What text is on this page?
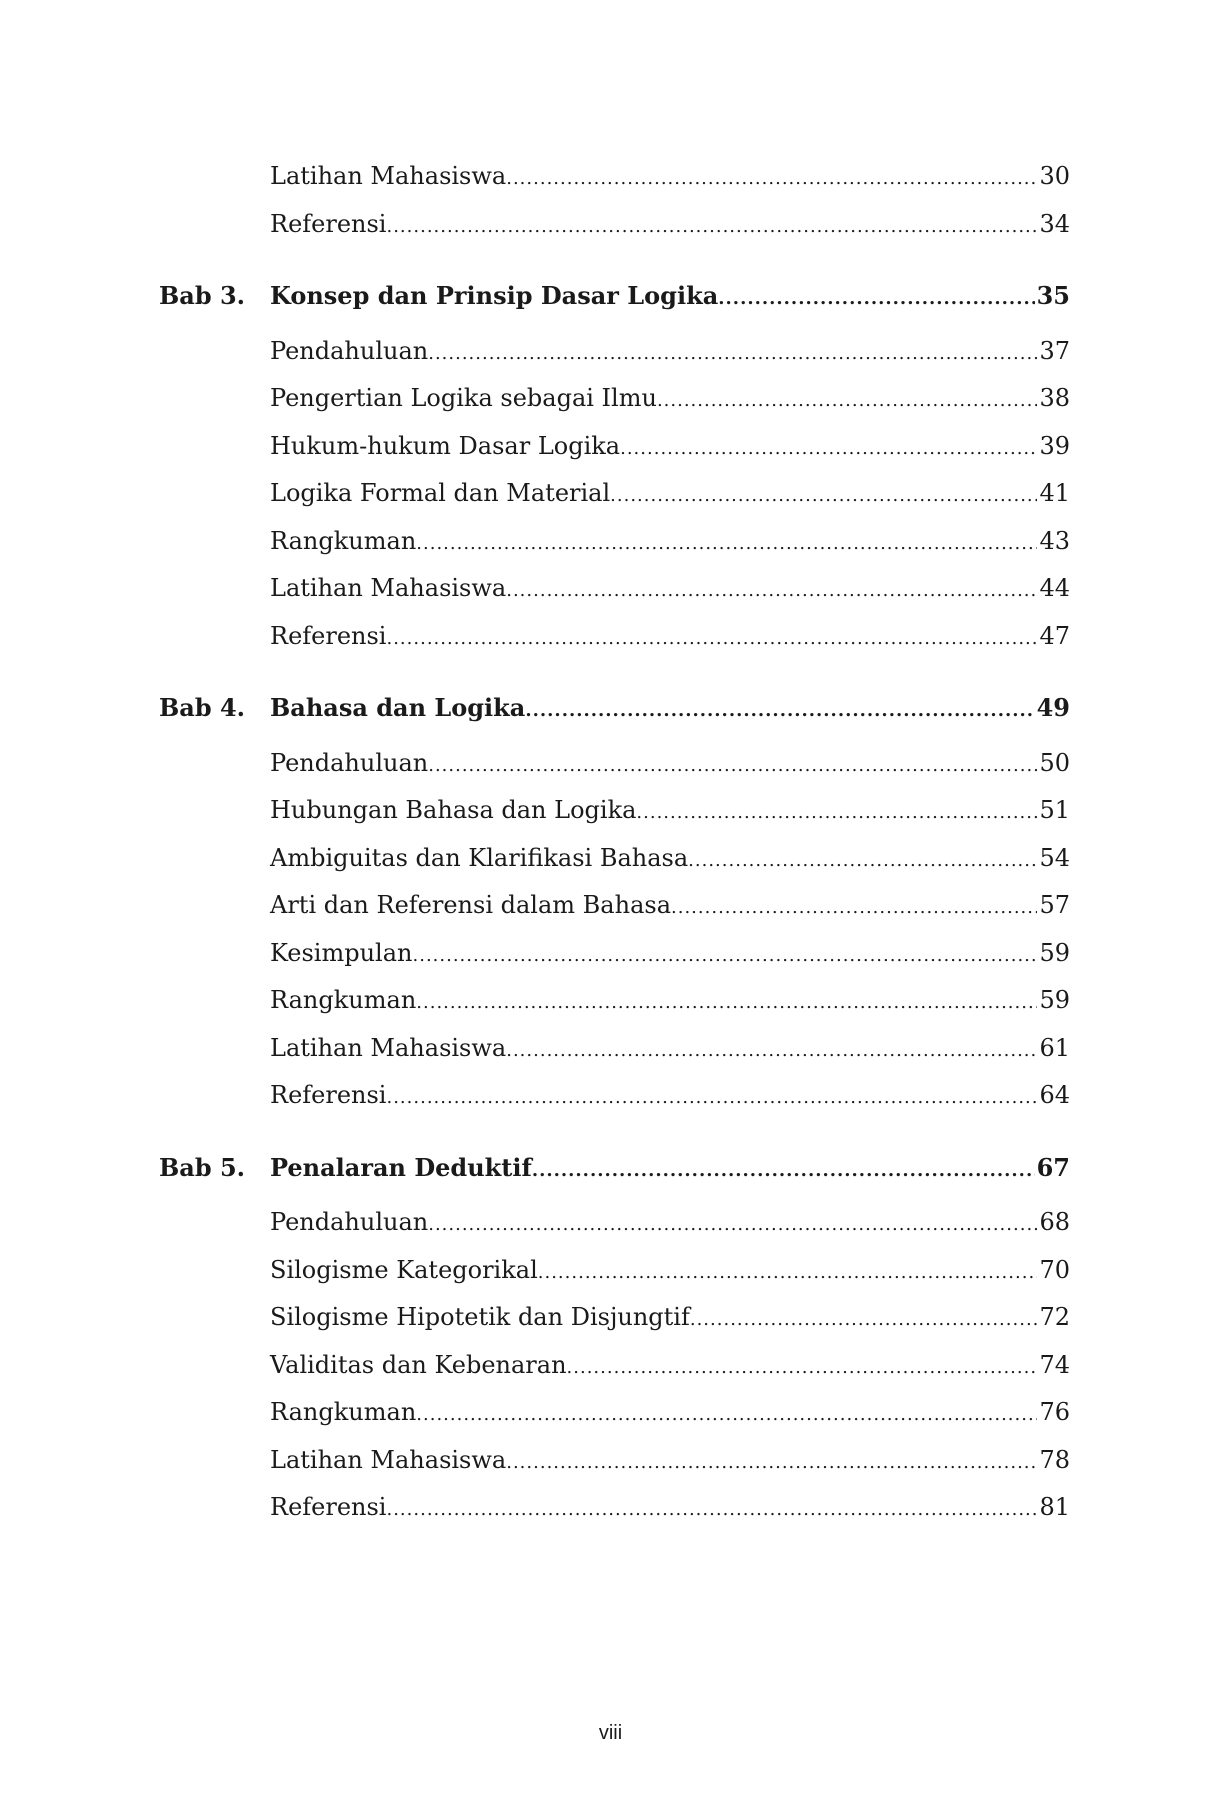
Latihan Mahasiswa .....	30
Referensi .....	34
Bab 3.	Konsep dan Prinsip Dasar Logika .....	35
Pendahuluan .....	37
Pengertian Logika sebagai Ilmu .....	38
Hukum-hukum Dasar Logika .....	39
Logika Formal dan Material .....	41
Rangkuman .....	43
Latihan Mahasiswa .....	44
Referensi .....	47
Bab 4.	Bahasa dan Logika .....	49
Pendahuluan .....	50
Hubungan Bahasa dan Logika .....	51
Ambiguitas dan Klarifikasi Bahasa .....	54
Arti dan Referensi dalam Bahasa .....	57
Kesimpulan .....	59
Rangkuman .....	59
Latihan Mahasiswa .....	61
Referensi .....	64
Bab 5.	Penalaran Deduktif .....	67
Pendahuluan .....	68
Silogisme Kategorikal .....	70
Silogisme Hipotetik dan Disjungtif .....	72
Validitas dan Kebenaran .....	74
Rangkuman .....	76
Latihan Mahasiswa .....	78
Referensi .....	81
viii
